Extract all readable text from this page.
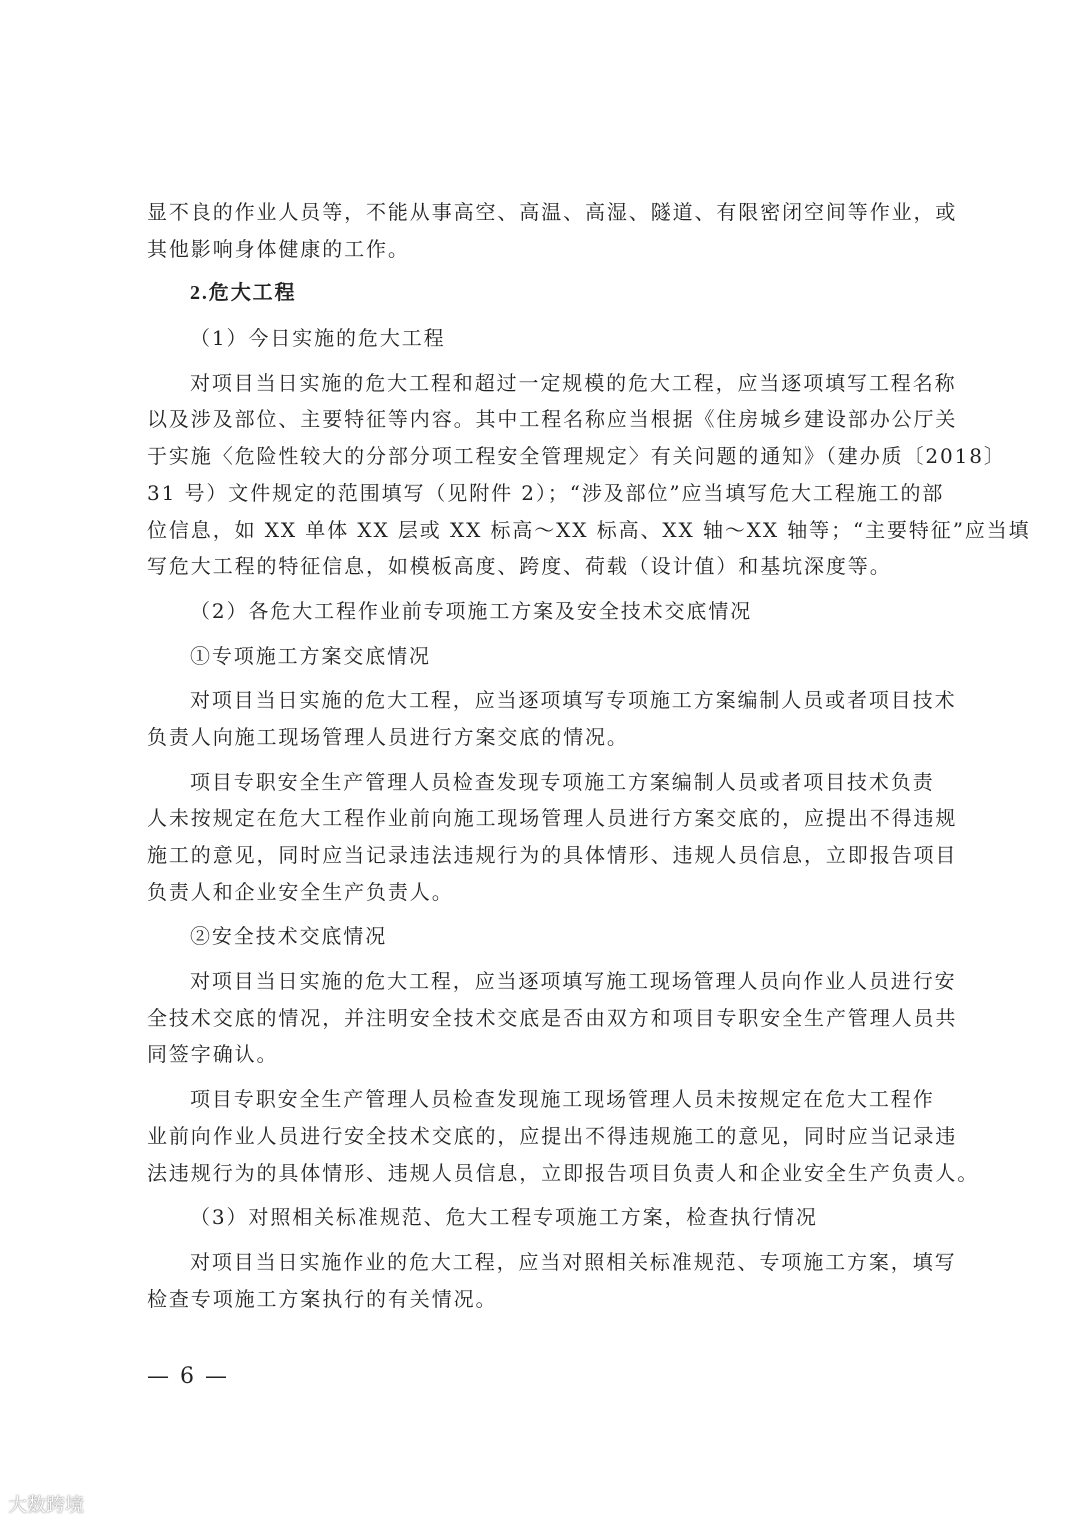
显不良的作业人员等，不能从事高空、高温、高湿、隧道、有限密闭空间等作业，或
其他影响身体健康的工作。
2.危大工程
（1）今日实施的危大工程
对项目当日实施的危大工程和超过一定规模的危大工程，应当逐项填写工程名称
以及涉及部位、主要特征等内容。其中工程名称应当根据《住房城乡建设部办公厅关
于实施〈危险性较大的分部分项工程安全管理规定〉有关问题的通知》（建办质〔2018〕
31 号）文件规定的范围填写（见附件 2）；“涉及部位”应当填写危大工程施工的部
位信息，如 XX 单体 XX 层或 XX 标高～XX 标高、XX 轴～XX 轴等；“主要特征”应当填
写危大工程的特征信息，如模板高度、跨度、荷载（设计值）和基坑深度等。
（2）各危大工程作业前专项施工方案及安全技术交底情况
①专项施工方案交底情况
对项目当日实施的危大工程，应当逐项填写专项施工方案编制人员或者项目技术
负责人向施工现场管理人员进行方案交底的情况。
项目专职安全生产管理人员检查发现专项施工方案编制人员或者项目技术负责
人未按规定在危大工程作业前向施工现场管理人员进行方案交底的，应提出不得违规
施工的意见，同时应当记录违法违规行为的具体情形、违规人员信息，立即报告项目
负责人和企业安全生产负责人。
②安全技术交底情况
对项目当日实施的危大工程，应当逐项填写施工现场管理人员向作业人员进行安
全技术交底的情况，并注明安全技术交底是否由双方和项目专职安全生产管理人员共
同签字确认。
项目专职安全生产管理人员检查发现施工现场管理人员未按规定在危大工程作
业前向作业人员进行安全技术交底的，应提出不得违规施工的意见，同时应当记录违
法违规行为的具体情形、违规人员信息，立即报告项目负责人和企业安全生产负责人。
（3）对照相关标准规范、危大工程专项施工方案，检查执行情况
对项目当日实施作业的危大工程，应当对照相关标准规范、专项施工方案，填写
检查专项施工方案执行的有关情况。
— 6 —
大数跨境
